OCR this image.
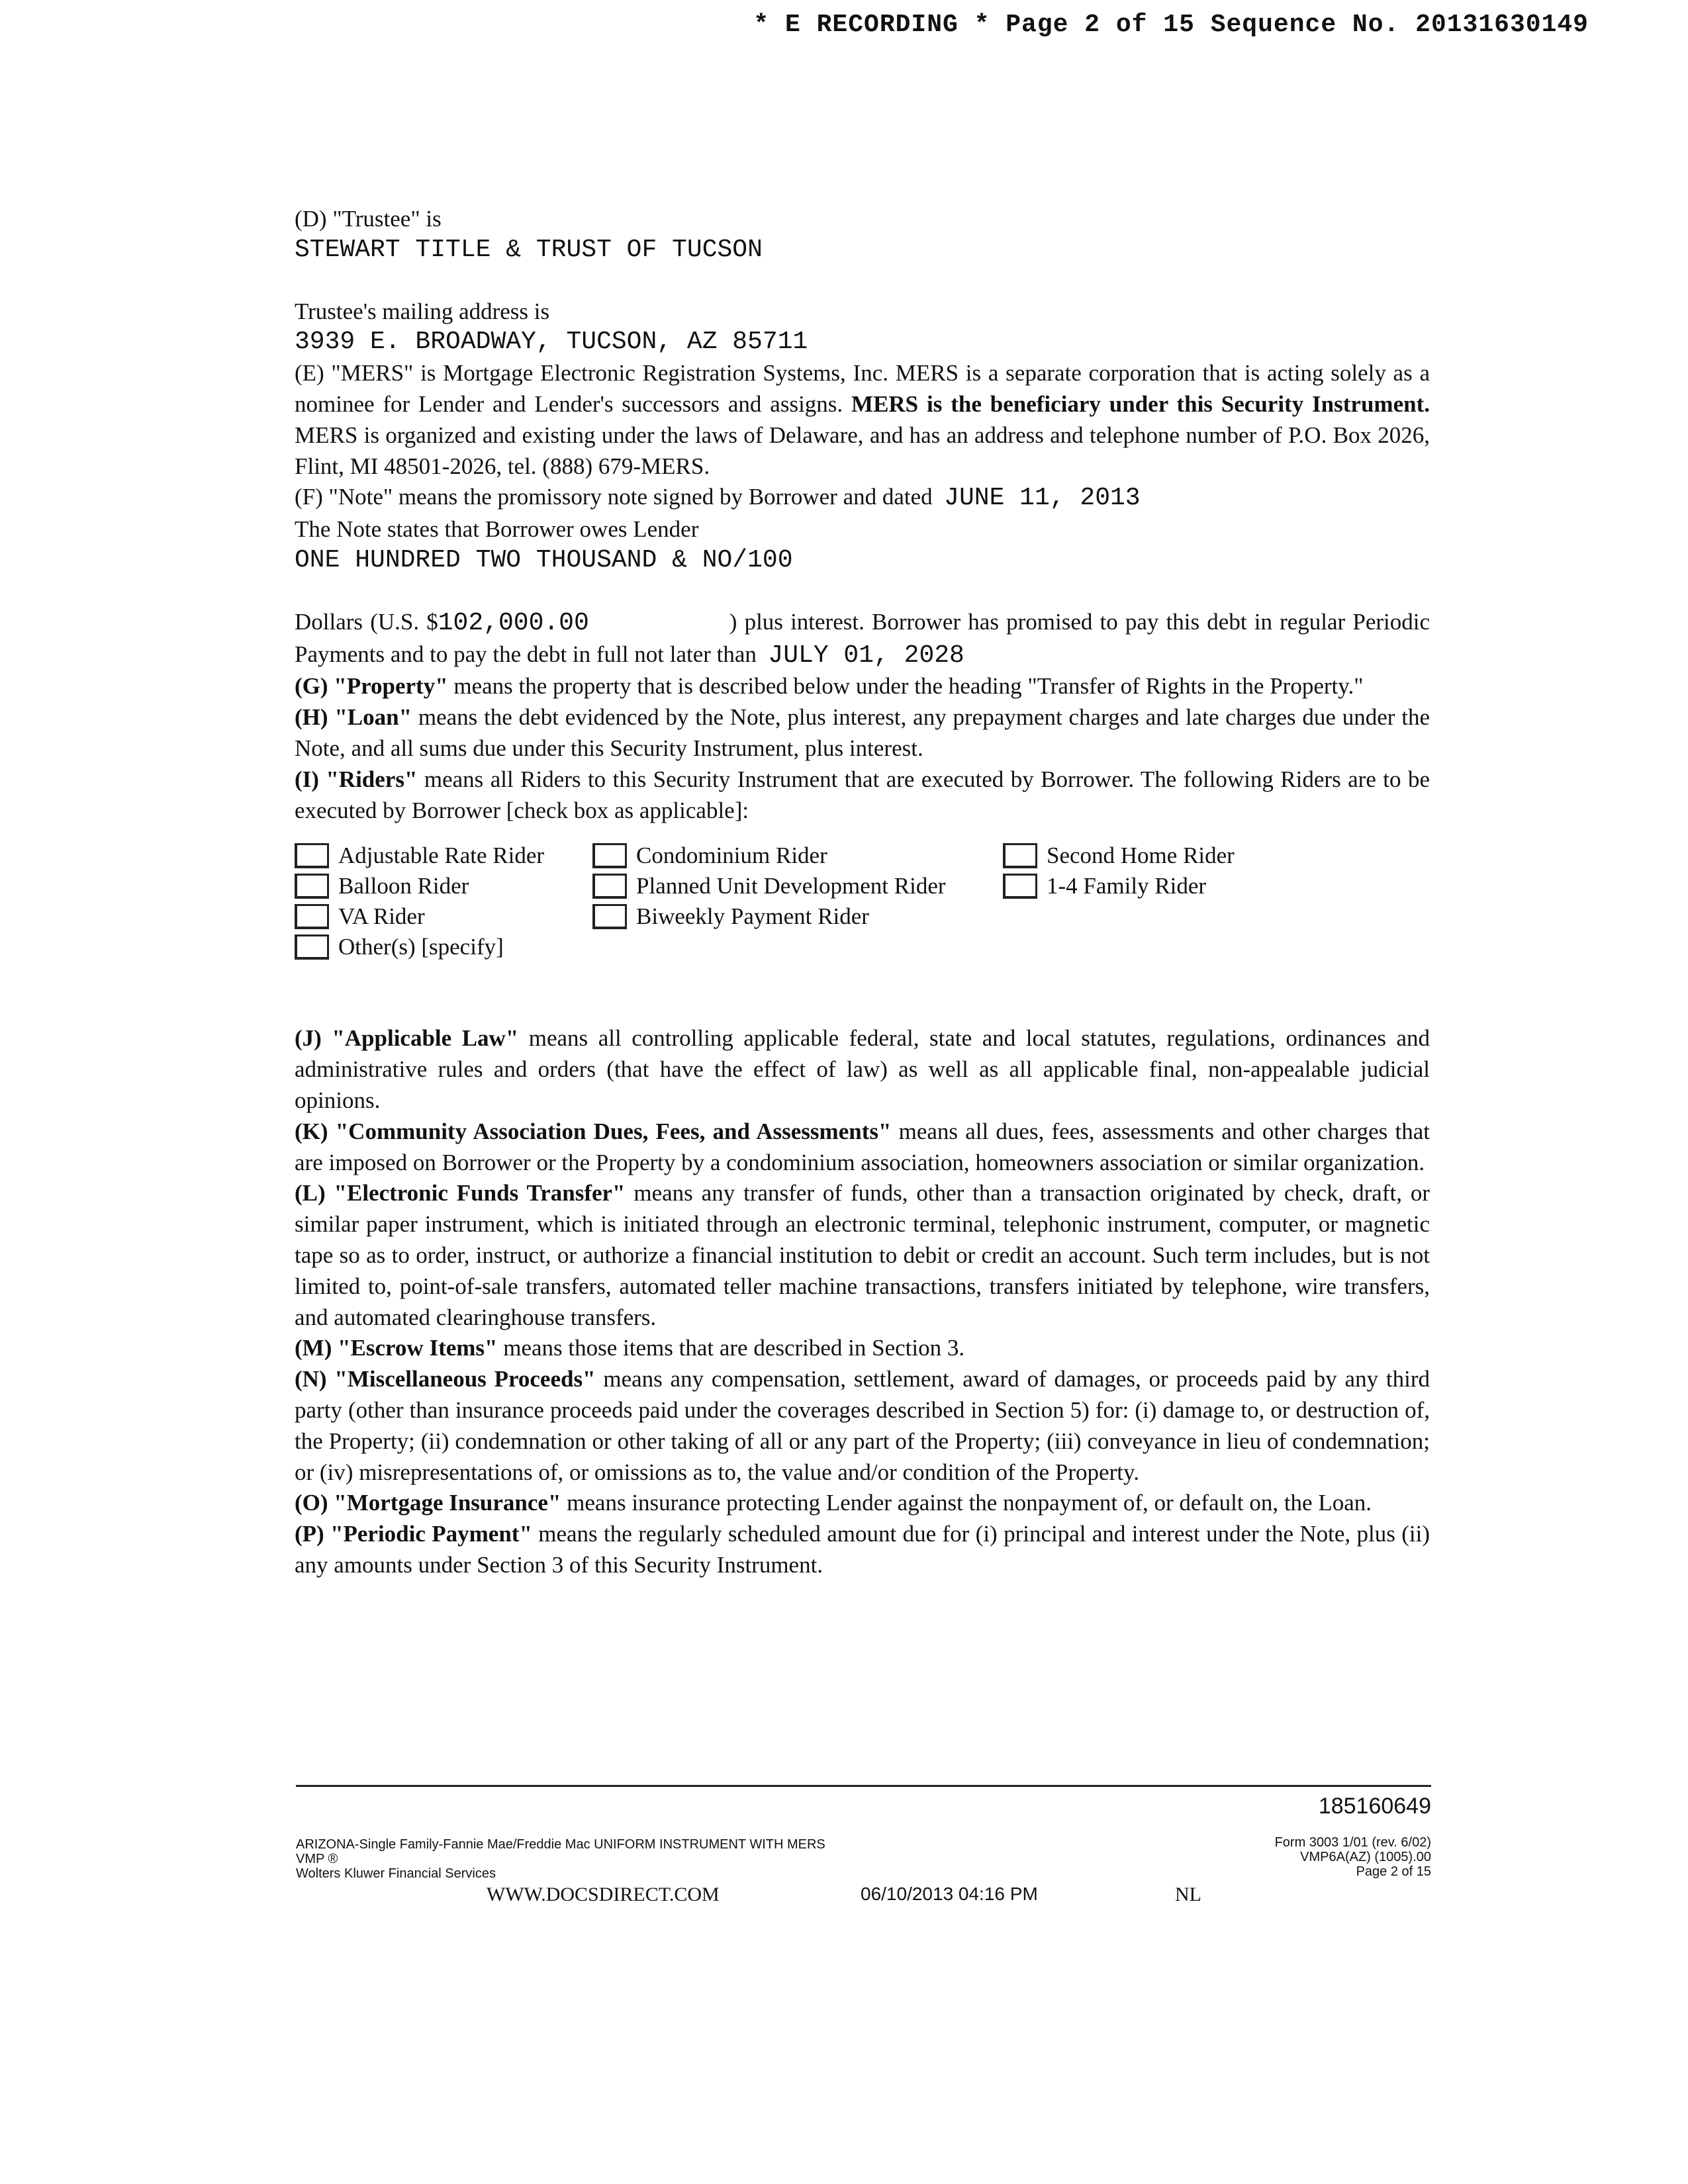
* E RECORDING * Page 2 of 15 Sequence No. 20131630149

(D) "Trustee" is

STEWART TITLE & TRUST OF TUCSON

Trustee's mailing address is

3939 E. BROADWAY, TUCSON, AZ 85711

(E) "MERS" is Mortgage Electronic Registration Systems, Inc. MERS is a separate corporation that is acting solely as a nominee for Lender and Lender's successors and assigns. MERS is the beneficiary under this Security Instrument. MERS is organized and existing under the laws of Delaware, and has an address and telephone number of P.O. Box 2026, Flint, MI 48501-2026, tel. (888) 679-MERS.

(F) "Note" means the promissory note signed by Borrower and dated JUNE 11, 2013

The Note states that Borrower owes Lender

ONE HUNDRED TWO THOUSAND & NO/100

Dollars (U.S. $102,000.00	) plus interest. Borrower has promised to pay this debt in regular Periodic Payments and to pay the debt in full not later than JULY 01, 2028

(G) "Property" means the property that is described below under the heading "Transfer of Rights in the Property."

(H) "Loan" means the debt evidenced by the Note, plus interest, any prepayment charges and late charges due under the Note, and all sums due under this Security Instrument, plus interest.

(I) "Riders" means all Riders to this Security Instrument that are executed by Borrower. The following Riders are to be executed by Borrower [check box as applicable]:

Adjustable Rate Rider	Condominium Rider	Second Home Rider
Balloon Rider	Planned Unit Development Rider	1-4 Family Rider
VA Rider	Biweekly Payment Rider
Other(s) [specify]

(J) "Applicable Law" means all controlling applicable federal, state and local statutes, regulations, ordinances and administrative rules and orders (that have the effect of law) as well as all applicable final, non-appealable judicial opinions.

(K) "Community Association Dues, Fees, and Assessments" means all dues, fees, assessments and other charges that are imposed on Borrower or the Property by a condominium association, homeowners association or similar organization.

(L) "Electronic Funds Transfer" means any transfer of funds, other than a transaction originated by check, draft, or similar paper instrument, which is initiated through an electronic terminal, telephonic instrument, computer, or magnetic tape so as to order, instruct, or authorize a financial institution to debit or credit an account. Such term includes, but is not limited to, point-of-sale transfers, automated teller machine transactions, transfers initiated by telephone, wire transfers, and automated clearinghouse transfers.

(M) "Escrow Items" means those items that are described in Section 3.

(N) "Miscellaneous Proceeds" means any compensation, settlement, award of damages, or proceeds paid by any third party (other than insurance proceeds paid under the coverages described in Section 5) for: (i) damage to, or destruction of, the Property; (ii) condemnation or other taking of all or any part of the Property; (iii) conveyance in lieu of condemnation; or (iv) misrepresentations of, or omissions as to, the value and/or condition of the Property.

(O) "Mortgage Insurance" means insurance protecting Lender against the nonpayment of, or default on, the Loan.

(P) "Periodic Payment" means the regularly scheduled amount due for (i) principal and interest under the Note, plus (ii) any amounts under Section 3 of this Security Instrument.

185160649
ARIZONA-Single Family-Fannie Mae/Freddie Mac UNIFORM INSTRUMENT WITH MERS
VMP ®
Wolters Kluwer Financial Services
Form 3003 1/01 (rev. 6/02)
VMP6A(AZ) (1005).00
Page 2 of 15
WWW.DOCSDIRECT.COM	06/10/2013 04:16 PM	NL
